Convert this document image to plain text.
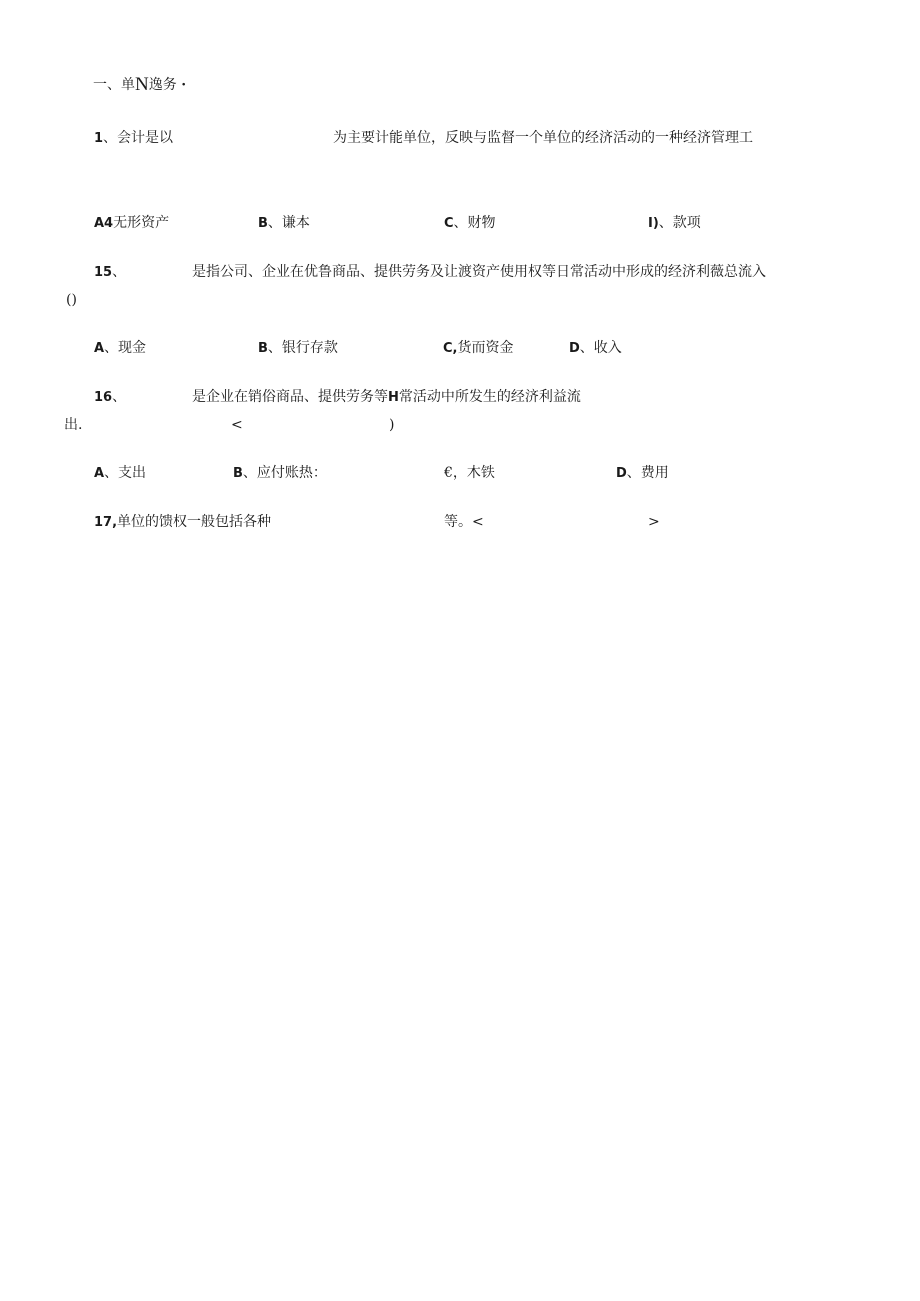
一、单N逸务 ·
1、会计是以	为主要计能单位，反映与监督一个单位的经济活动的一种经济管理工
A4无形资产	B、谦本	C、财物	I)、款项
15、	是指公司、企业在优鲁商品、提供劳务及让渡资产使用权等日常活动中形成的经济利薇总流入
()
A、现金	B、银行存款	C,货而资金	D、收入
16、	是企业在销俗商品、提供劳务等H常活动中所发生的经济利益流
出.	<	)
A、支出	B、应付账热：	€，木铁	D、费用
17,单位的馈权一般包括各种	等。<	>
